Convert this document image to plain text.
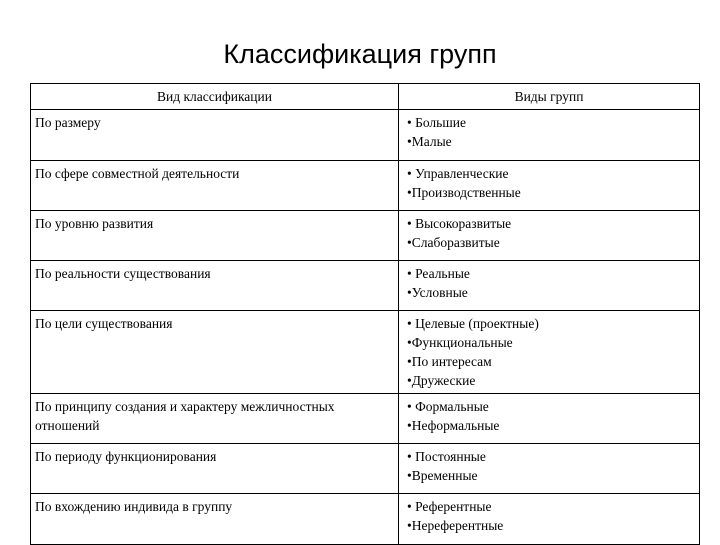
Классификация групп
Вид классификации	Виды групп

По размеру	• Большие
•Малые

По сфере совместной деятельности	• Управленческие
•Производственные

По уровню развития	• Высокоразвитые
•Слаборазвитые

По реальности существования	• Реальные
•Условные

По цели существования	• Целевые (проектные)
•Функциональные
•По интересам
•Дружеские

По принципу создания и характеру межличностных отношений	• Формальные
•Неформальные

По периоду функционирования	• Постоянные
•Временные

По вхождению индивида в группу	• Референтные
•Нереферентные
